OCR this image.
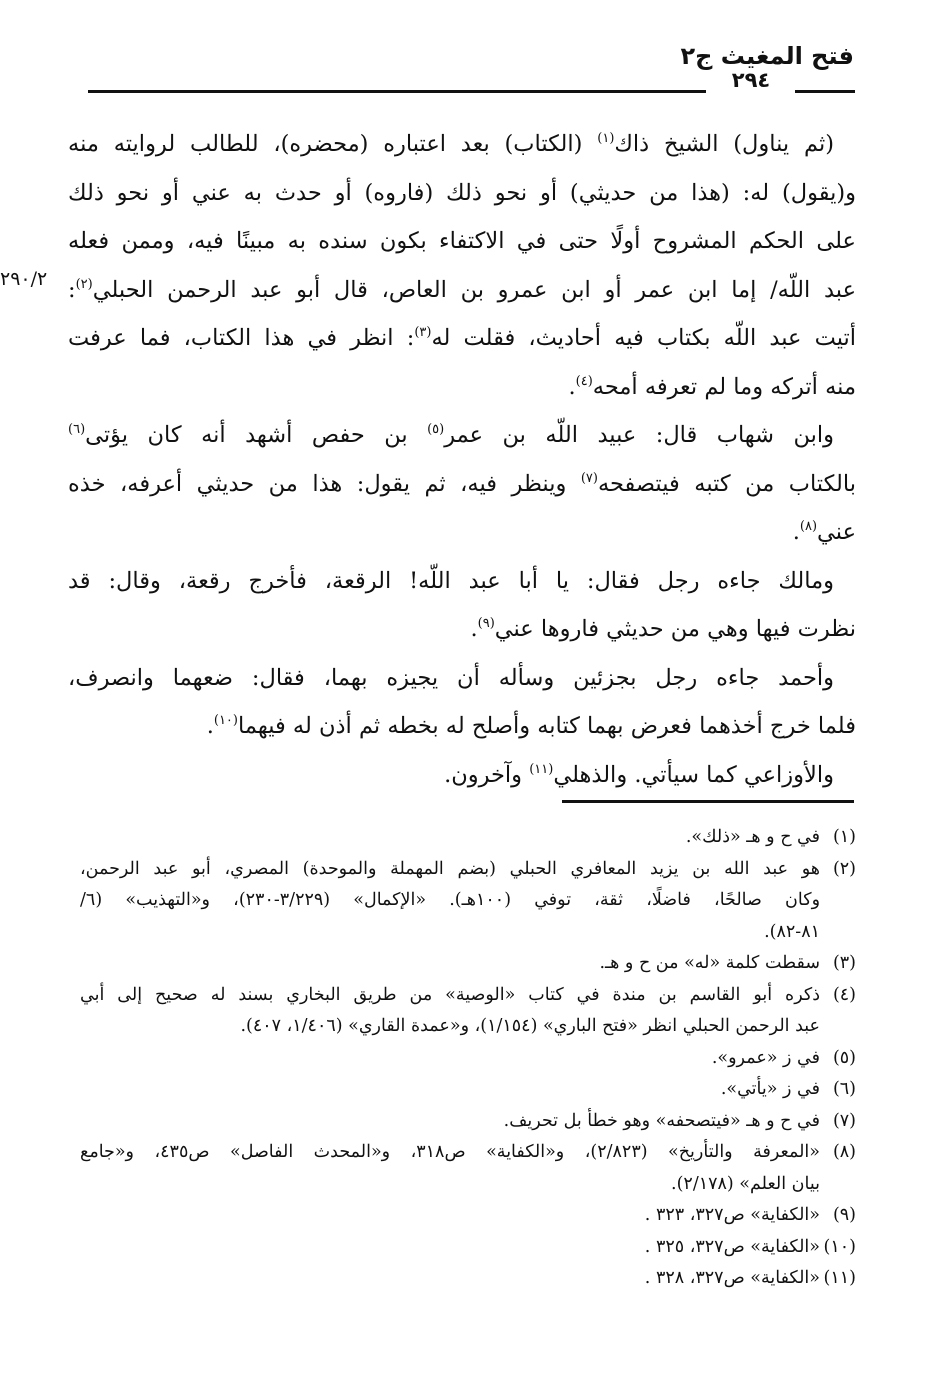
فتح المغيث ج٢
٢٩٤
٢٩٠/٢
(ثم يناول) الشيخ ذاك$^{(١)}$ (الكتاب) بعد اعتباره (محضره)، للطالب لروايته منه
و(يقول) له: (هذا من حديثي) أو نحو ذلك (فاروه) أو حدث به عني أو نحو ذلك
على الحكم المشروح أولًا حتى في الاكتفاء بكون سنده به مبينًا فيه، وممن فعله
عبد اللّه/ إما ابن عمر أو ابن عمرو بن العاص، قال أبو عبد الرحمن الحبلي$^{(٢)}$:
أتيت عبد اللّه بكتاب فيه أحاديث، فقلت له$^{(٣)}$: انظر في هذا الكتاب، فما عرفت
منه أتركه وما لم تعرفه أمحه$^{(٤)}$.
وابن شهاب قال: عبيد اللّه بن عمر$^{(٥)}$ بن حفص أشهد أنه كان يؤتى$^{(٦)}$
بالكتاب من كتبه فيتصفحه$^{(٧)}$ وينظر فيه، ثم يقول: هذا من حديثي أعرفه، خذه
عني$^{(٨)}$.
ومالك جاءه رجل فقال: يا أبا عبد اللّه! الرقعة، فأخرج رقعة، وقال: قد
نظرت فيها وهي من حديثي فاروها عني$^{(٩)}$.
وأحمد جاءه رجل بجزئين وسأله أن يجيزه بهما، فقال: ضعهما وانصرف،
فلما خرج أخذهما فعرض بهما كتابه وأصلح له بخطه ثم أذن له فيهما$^{(١٠)}$.
والأوزاعي كما سيأتي. والذهلي$^{(١١)}$ وآخرون.
(١)
في ح و هـ «ذلك».
(٢)
هو عبد الله بن يزيد المعافري الحبلي (بضم المهملة والموحدة) المصري، أبو عبد الرحمن،
وكان صالحًا، فاضلًا، ثقة، توفي (١٠٠هـ). «الإكمال» (٣/٢٢٩-٢٣٠)، و«التهذيب» (٦/
٨١-٨٢).
(٣)
سقطت كلمة «له» من ح و هـ.
(٤)
ذكره أبو القاسم بن مندة في كتاب «الوصية» من طريق البخاري بسند له صحيح إلى أبي
عبد الرحمن الحبلي انظر «فتح الباري» (١/١٥٤)، و«عمدة القاري» (١/٤٠٦، ٤٠٧).
(٥)
في ز «عمرو».
(٦)
في ز «يأتي».
(٧)
في ح و هـ «فيتصحفه» وهو خطأ بل تحريف.
(٨)
«المعرفة والتأريخ» (٢/٨٢٣)، و«الكفاية» ص٣١٨، و«المحدث الفاصل» ص٤٣٥، و«جامع
بيان العلم» (٢/١٧٨).
(٩)
«الكفاية» ص٣٢٧، ٣٢٣ .
(١٠)
«الكفاية» ص٣٢٧، ٣٢٥ .
(١١)
«الكفاية» ص٣٢٧، ٣٢٨ .
